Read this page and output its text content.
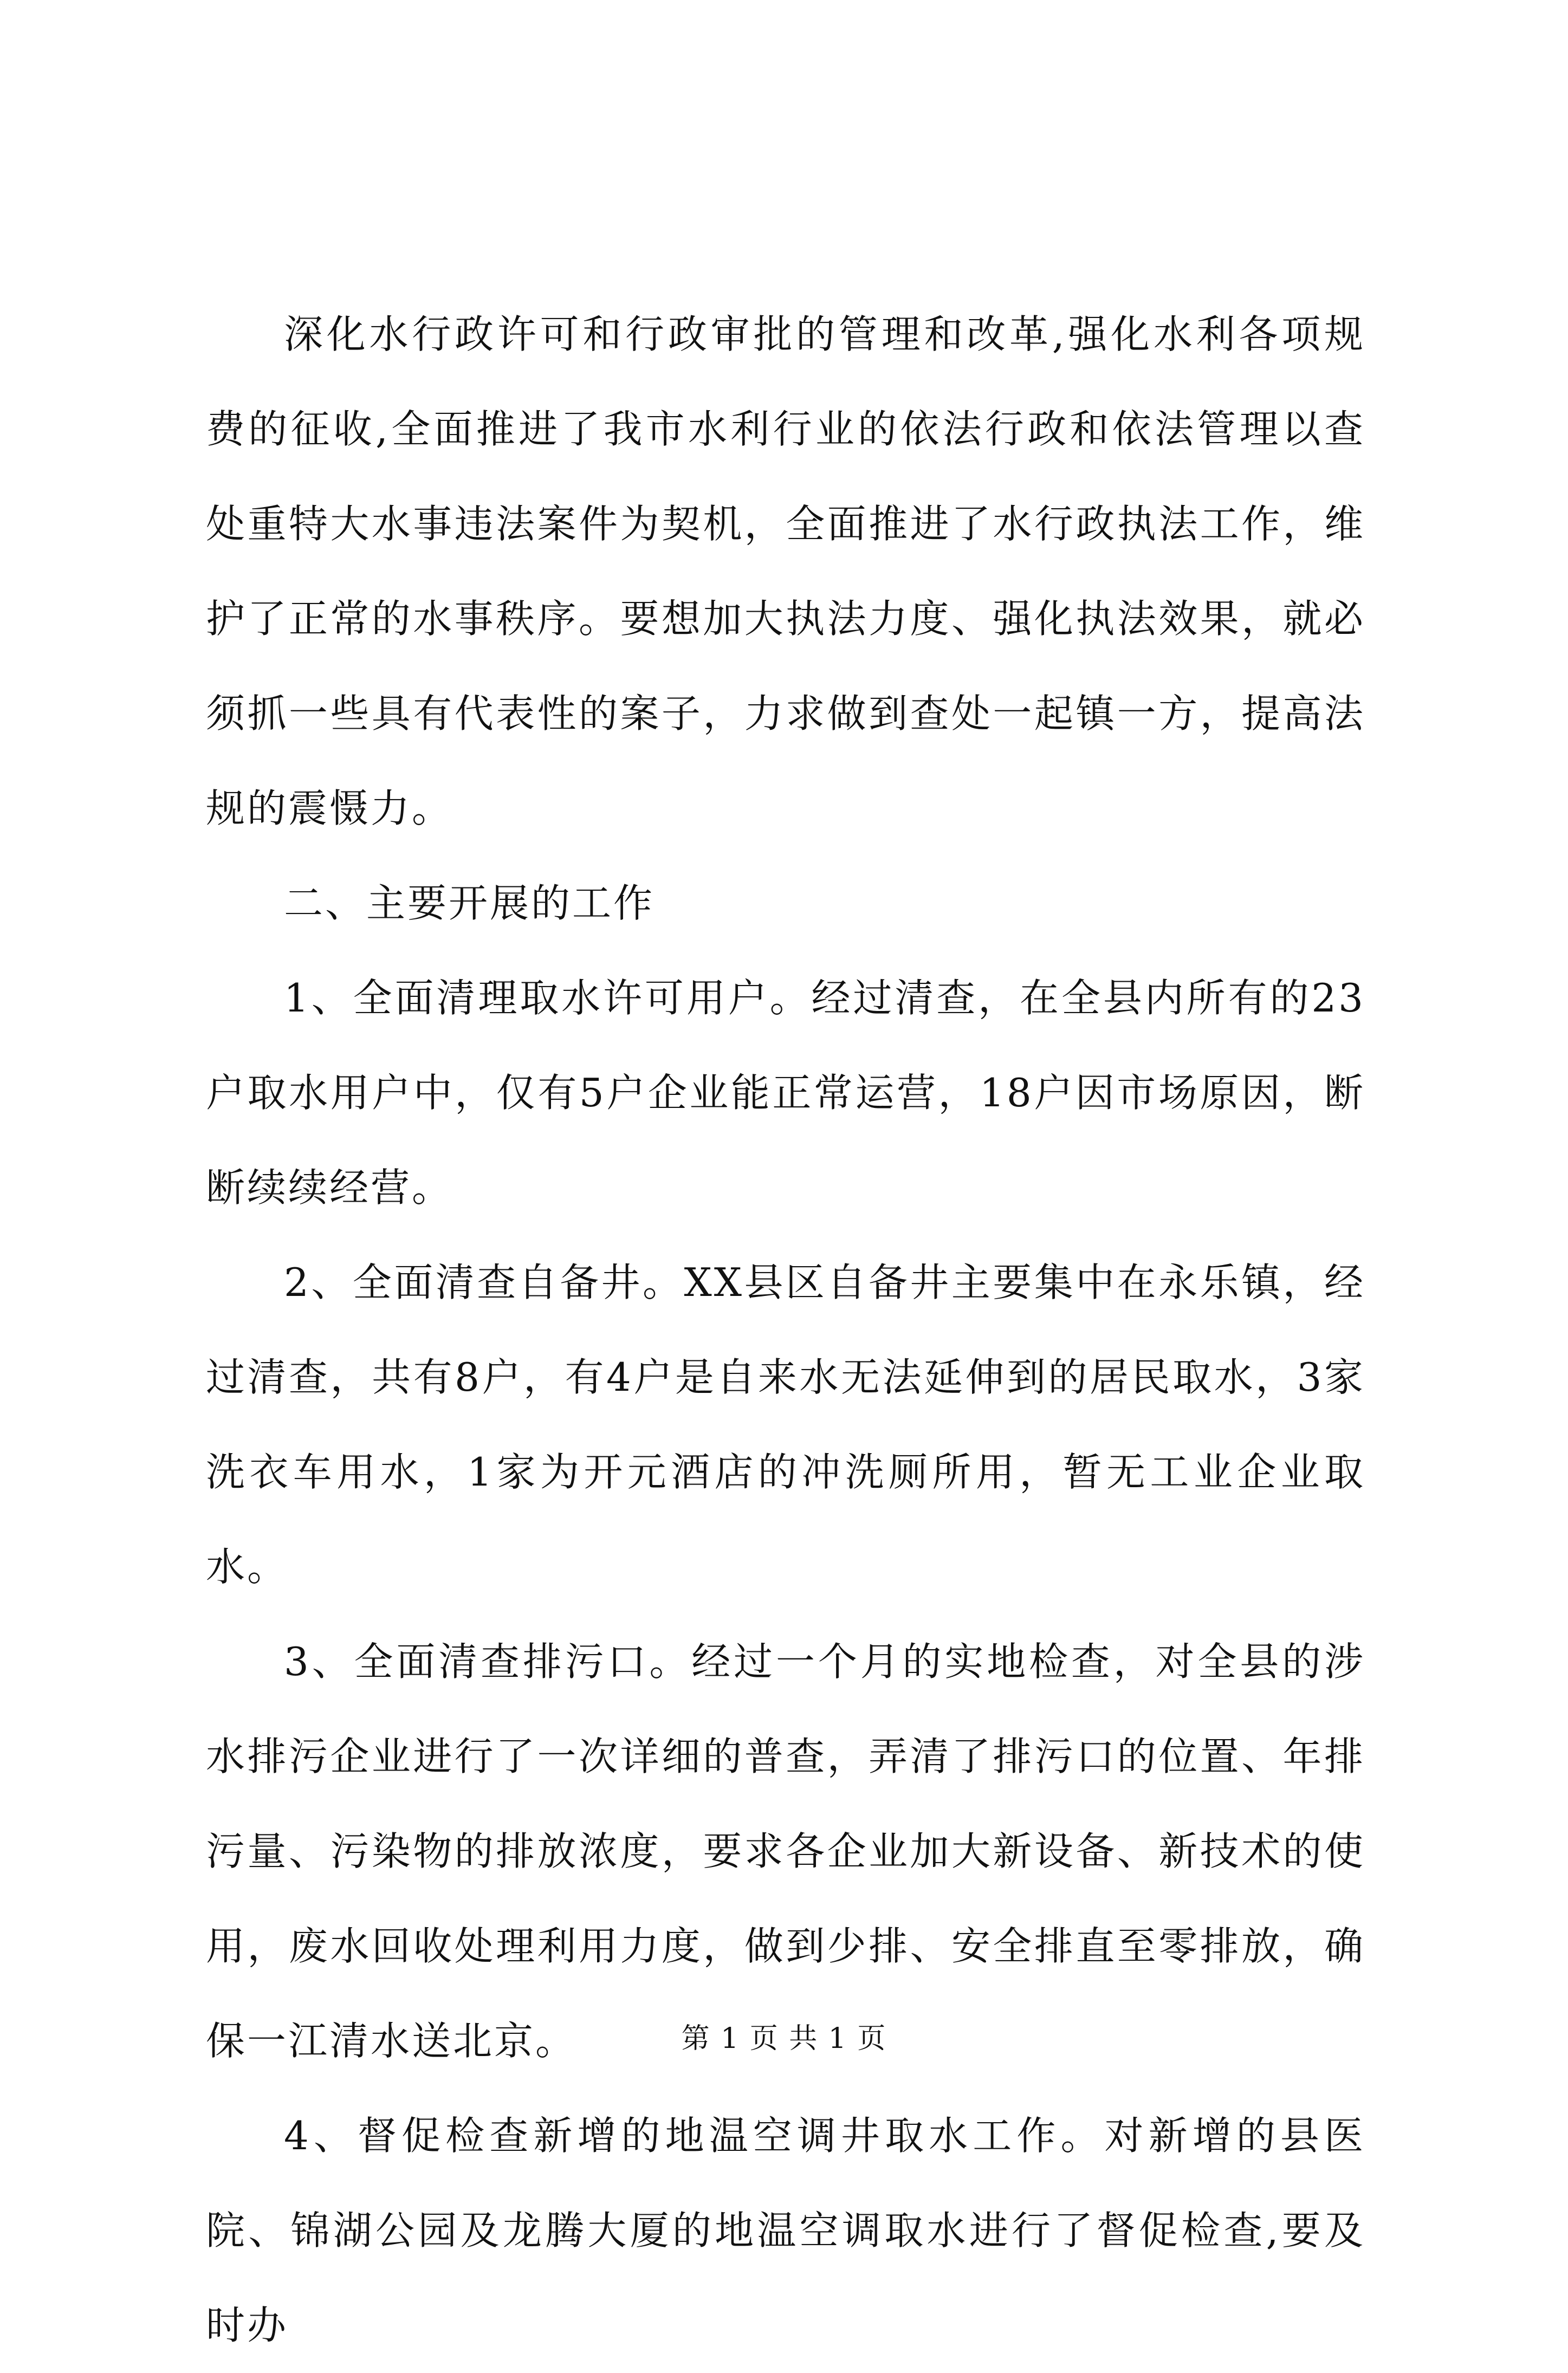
深化水行政许可和行政审批的管理和改革,强化水利各项规费的征收,全面推进了我市水利行业的依法行政和依法管理以查处重特大水事违法案件为契机，全面推进了水行政执法工作，维护了正常的水事秩序。要想加大执法力度、强化执法效果，就必须抓一些具有代表性的案子，力求做到查处一起镇一方，提高法规的震慑力。

二、主要开展的工作

1、全面清理取水许可用户。经过清查，在全县内所有的23户取水用户中，仅有5户企业能正常运营，18户因市场原因，断断续续经营。

2、全面清查自备井。XX县区自备井主要集中在永乐镇，经过清查，共有8户，有4户是自来水无法延伸到的居民取水，3家洗衣车用水，1家为开元酒店的冲洗厕所用，暂无工业企业取水。

3、全面清查排污口。经过一个月的实地检查，对全县的涉水排污企业进行了一次详细的普查，弄清了排污口的位置、年排污量、污染物的排放浓度，要求各企业加大新设备、新技术的使用，废水回收处理利用力度，做到少排、安全排直至零排放，确保一江清水送北京。

4、督促检查新增的地温空调井取水工作。对新增的县医院、锦湖公园及龙腾大厦的地温空调取水进行了督促检查,要及时办

第 1 页 共 1 页
